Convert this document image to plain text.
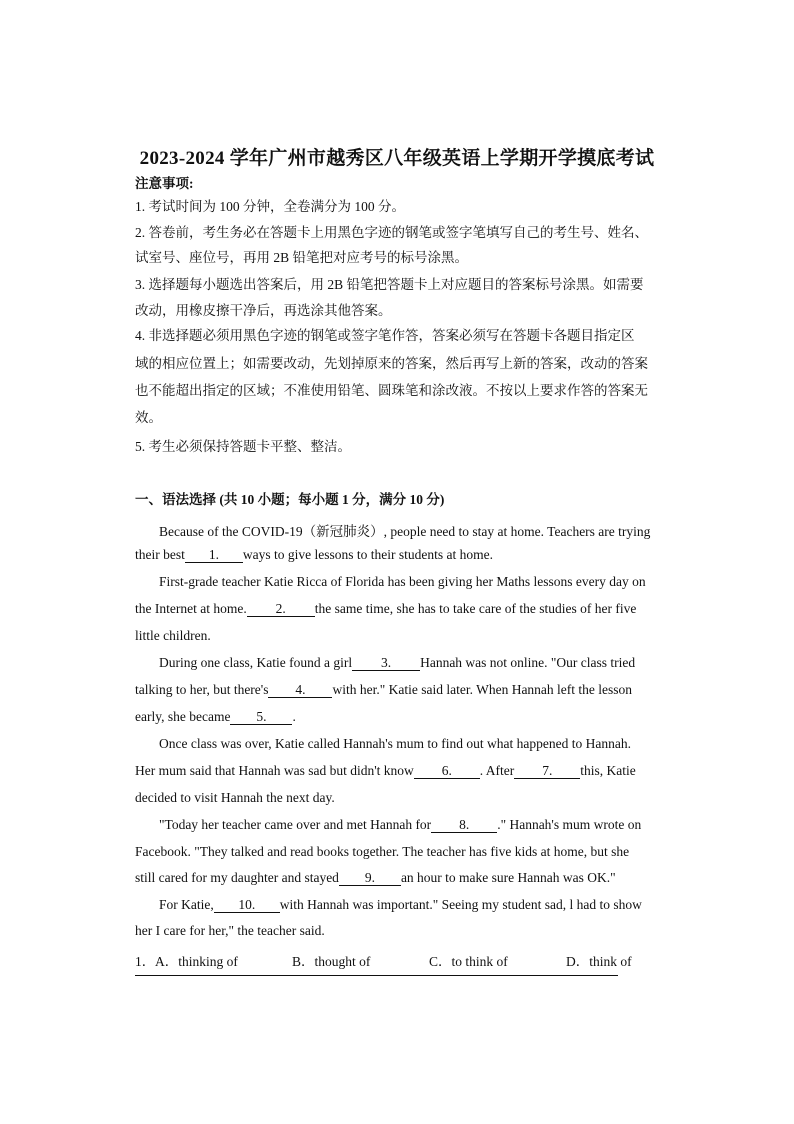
2023-2024 学年广州市越秀区八年级英语上学期开学摸底考试
注意事项:
1. 考试时间为 100 分钟，全卷满分为 100 分。
2. 答卷前，考生务必在答题卡上用黑色字迹的钢笔或签字笔填写自己的考生号、姓名、
试室号、座位号，再用 2B 铅笔把对应考号的标号涂黑。
3. 选择题每小题选出答案后，用 2B 铅笔把答题卡上对应题目的答案标号涂黑。如需要
改动，用橡皮擦干净后，再选涂其他答案。
4. 非选择题必须用黑色字迹的钢笔或签字笔作答，答案必须写在答题卡各题目指定区
域的相应位置上；如需要改动，先划掉原来的答案，然后再写上新的答案，改动的答案
也不能超出指定的区域；不准使用铅笔、圆珠笔和涂改液。不按以上要求作答的答案无
效。
5. 考生必须保持答题卡平整、整洁。
一、语法选择 (共 10 小题；每小题 1 分，满分 10 分)
Because of the COVID-19（新冠肺炎）, people need to stay at home. Teachers are trying
their best 1. ways to give lessons to their students at home.
First-grade teacher Katie Ricca of Florida has been giving her Maths lessons every day on
the Internet at home. 2. the same time, she has to take care of the studies of her five
little children.
During one class, Katie found a girl 3. Hannah was not online. "Our class tried
talking to her, but there's 4. with her." Katie said later. When Hannah left the lesson
early, she became 5. .
Once class was over, Katie called Hannah's mum to find out what happened to Hannah.
Her mum said that Hannah was sad but didn't know 6. . After 7. this, Katie
decided to visit Hannah the next day.
"Today her teacher came over and met Hannah for 8. ." Hannah's mum wrote on
Facebook. "They talked and read books together. The teacher has five kids at home, but she
still cared for my daughter and stayed 9. an hour to make sure Hannah was OK."
For Katie, 10. with Hannah was important." Seeing my student sad, l had to show
her I care for her," the teacher said.
1．A．thinking of	B．thought of	C．to think of	D．think of
